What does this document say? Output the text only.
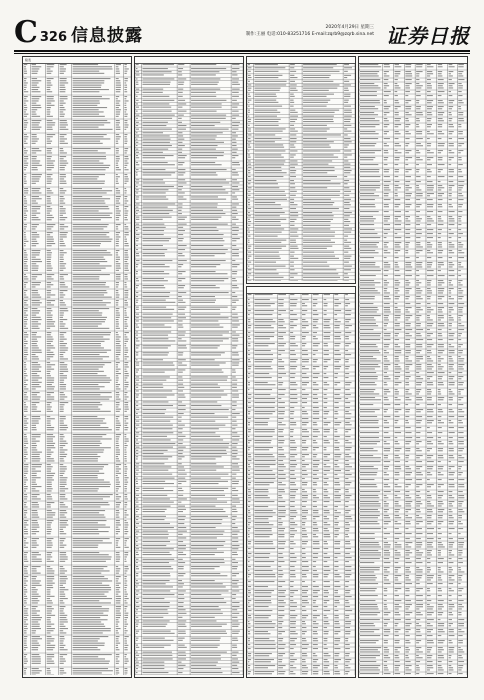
C 326 信息披露	2020年4月29日 星期三
制作:王丽 电话:010-83251716 E-mail:zqrb9@zqrb.sina.net 证券日报
续表
